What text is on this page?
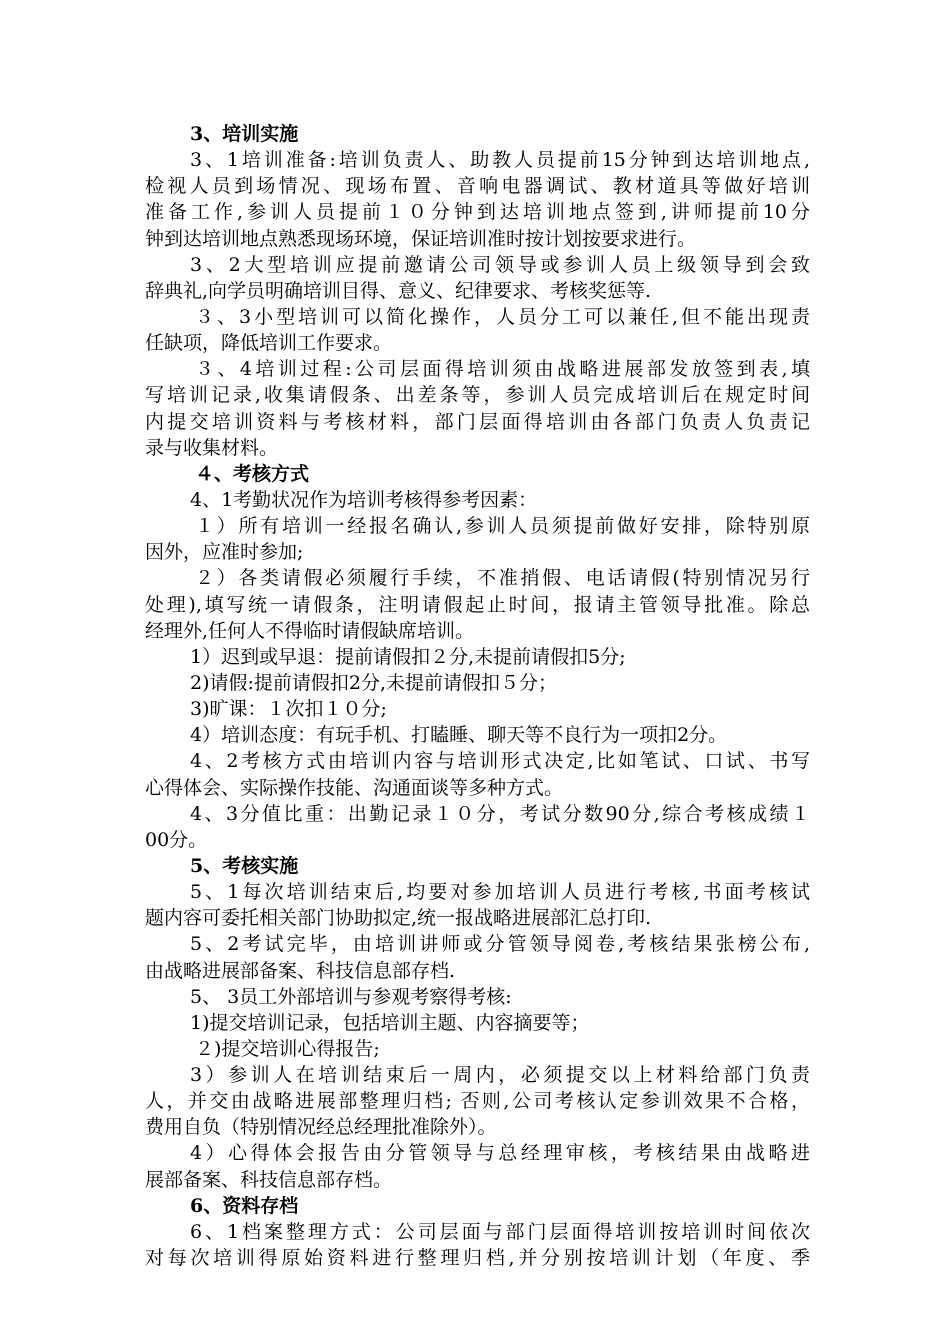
3、培训实施
3、1培训准备:培训负责人、助教人员提前15分钟到达培训地点,
检视人员到场情况、现场布置、音响电器调试、教材道具等做好培训
准备工作,参训人员提前１０分钟到达培训地点签到,讲师提前10分
钟到达培训地点熟悉现场环境，保证培训准时按计划按要求进行。
3、2大型培训应提前邀请公司领导或参训人员上级领导到会致
辞典礼,向学员明确培训目得、意义、纪律要求、考核奖惩等.
３、3小型培训可以简化操作，人员分工可以兼任,但不能出现责
任缺项，降低培训工作要求。
３、4培训过程:公司层面得培训须由战略进展部发放签到表,填
写培训记录,收集请假条、出差条等，参训人员完成培训后在规定时间
内提交培训资料与考核材料，部门层面得培训由各部门负责人负责记
录与收集材料。
４、考核方式
4、1考勤状况作为培训考核得参考因素：
１）所有培训一经报名确认,参训人员须提前做好安排，除特别原
因外，应准时参加;
２）各类请假必须履行手续，不准捎假、电话请假(特别情况另行
处理),填写统一请假条，注明请假起止时间，报请主管领导批准。除总
经理外,任何人不得临时请假缺席培训。
1）迟到或早退：提前请假扣２分,未提前请假扣5分;
2)请假:提前请假扣2分,未提前请假扣５分；
3)旷课：１次扣１０分;
4）培训态度：有玩手机、打瞌睡、聊天等不良行为一项扣2分。
4、2考核方式由培训内容与培训形式决定,比如笔试、口试、书写
心得体会、实际操作技能、沟通面谈等多种方式。
4、3分值比重：出勤记录１０分，考试分数90分,综合考核成绩１
00分。
5、考核实施
5、1每次培训结束后,均要对参加培训人员进行考核,书面考核试
题内容可委托相关部门协助拟定,统一报战略进展部汇总打印.
5、2考试完毕，由培训讲师或分管领导阅卷,考核结果张榜公布,
由战略进展部备案、科技信息部存档.
5、 3员工外部培训与参观考察得考核:
1)提交培训记录，包括培训主题、内容摘要等；
２)提交培训心得报告;
3）参训人在培训结束后一周内，必须提交以上材料给部门负责
人，并交由战略进展部整理归档; 否则,公司考核认定参训效果不合格，
费用自负（特别情况经总经理批准除外）。
4）心得体会报告由分管领导与总经理审核，考核结果由战略进
展部备案、科技信息部存档。
6、资料存档
6、1档案整理方式：公司层面与部门层面得培训按培训时间依次
对每次培训得原始资料进行整理归档,并分别按培训计划（年度、季
